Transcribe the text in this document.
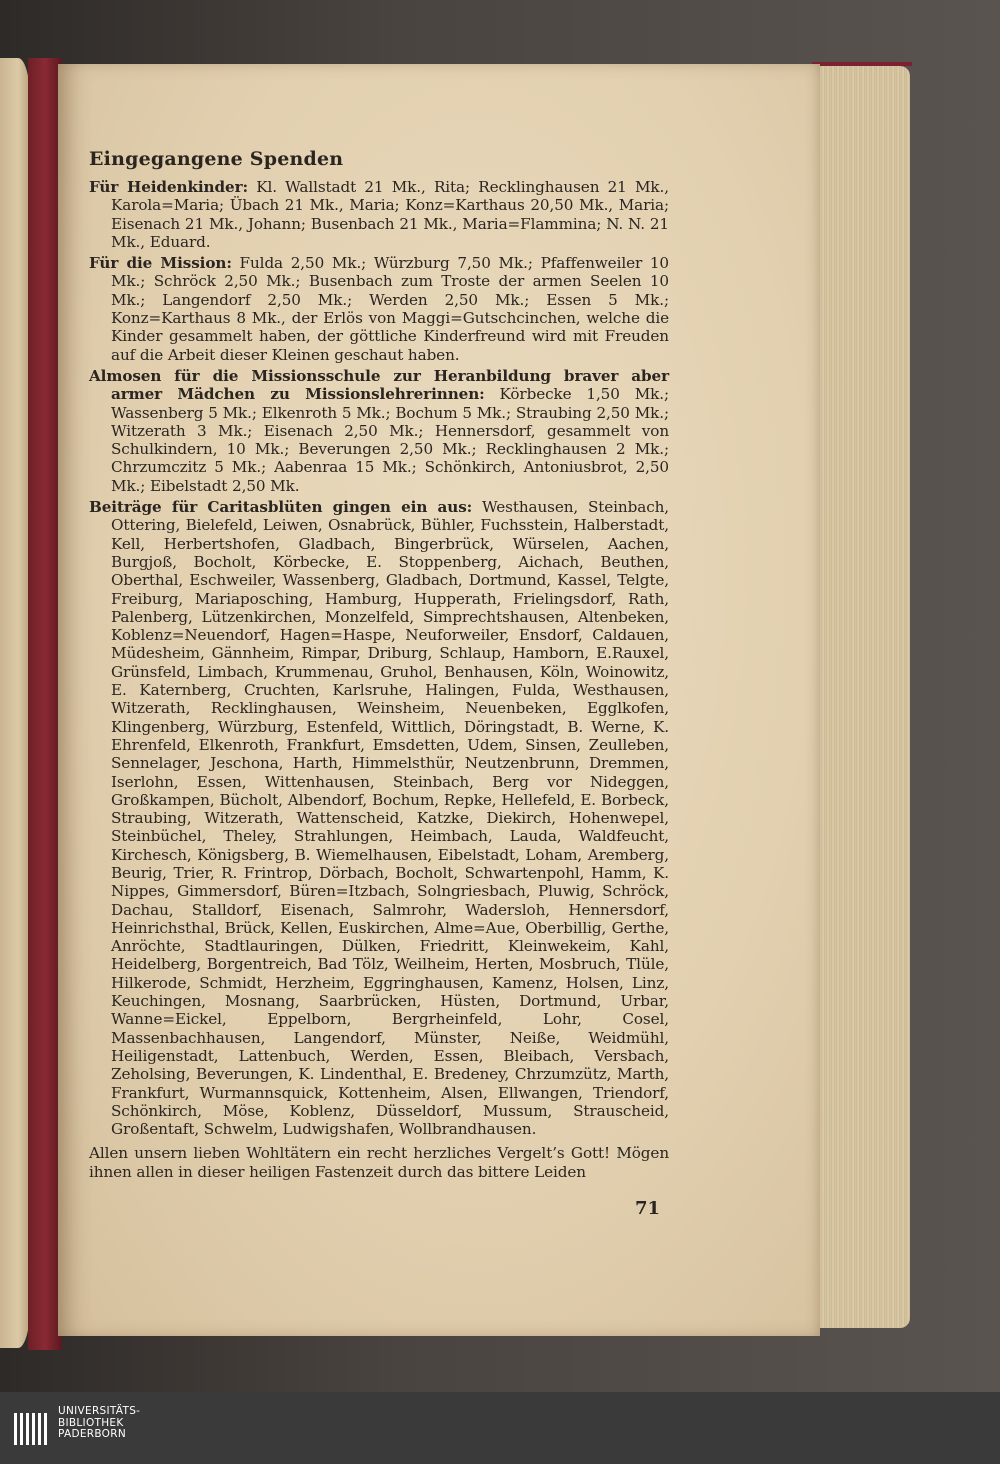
Eingegangene Spenden

Für Heidenkinder: Kl. Wallstadt 21 Mk., Rita; Recklinghausen 21 Mk., Karola=Maria; Übach 21 Mk., Maria; Konz=Karthaus 20,50 Mk., Maria; Eisenach 21 Mk., Johann; Busenbach 21 Mk., Maria=Flammina; N. N. 21 Mk., Eduard.

Für die Mission: Fulda 2,50 Mk.; Würzburg 7,50 Mk.; Pfaffenweiler 10 Mk.; Schröck 2,50 Mk.; Busenbach zum Troste der armen Seelen 10 Mk.; Langendorf 2,50 Mk.; Werden 2,50 Mk.; Essen 5 Mk.; Konz=Karthaus 8 Mk., der Erlös von Maggi=Gutschcinchen, welche die Kinder gesammelt haben, der göttliche Kinderfreund wird mit Freuden auf die Arbeit dieser Kleinen geschaut haben.

Almosen für die Missionsschule zur Heranbildung braver aber armer Mädchen zu Missionslehrerinnen: Körbecke 1,50 Mk.; Wassenberg 5 Mk.; Elkenroth 5 Mk.; Bochum 5 Mk.; Straubing 2,50 Mk.; Witzerath 3 Mk.; Eisenach 2,50 Mk.; Hennersdorf, gesammelt von Schulkindern, 10 Mk.; Beverungen 2,50 Mk.; Recklinghausen 2 Mk.; Chrzumczitz 5 Mk.; Aabenraa 15 Mk.; Schönkirch, Antoniusbrot, 2,50 Mk.; Eibelstadt 2,50 Mk.

Beiträge für Caritasblüten gingen ein aus: Westhausen, Steinbach, Ottering, Bielefeld, Leiwen, Osnabrück, Bühler, Fuchsstein, Halberstadt, Kell, Herbertshofen, Gladbach, Bingerbrück, Würselen, Aachen, Burgjoß, Bocholt, Körbecke, E. Stoppenberg, Aichach, Beuthen, Oberthal, Eschweiler, Wassenberg, Gladbach, Dortmund, Kassel, Telgte, Freiburg, Mariaposching, Hamburg, Hupperath, Frielingsdorf, Rath, Palenberg, Lützenkirchen, Monzelfeld, Simprechtshausen, Altenbeken, Koblenz=Neuendorf, Hagen=Haspe, Neuforweiler, Ensdorf, Caldauen, Müdesheim, Gännheim, Rimpar, Driburg, Schlaup, Hamborn, E.Rauxel, Grünsfeld, Limbach, Krummenau, Gruhol, Benhausen, Köln, Woinowitz, E. Katernberg, Cruchten, Karlsruhe, Halingen, Fulda, Westhausen, Witzerath, Recklinghausen, Weinsheim, Neuenbeken, Egglkofen, Klingenberg, Würzburg, Estenfeld, Wittlich, Döringstadt, B. Werne, K. Ehrenfeld, Elkenroth, Frankfurt, Emsdetten, Udem, Sinsen, Zeulleben, Sennelager, Jeschona, Harth, Himmelsthür, Neutzenbrunn, Dremmen, Iserlohn, Essen, Wittenhausen, Steinbach, Berg vor Nideggen, Großkampen, Bücholt, Albendorf, Bochum, Repke, Hellefeld, E. Borbeck, Straubing, Witzerath, Wattenscheid, Katzke, Diekirch, Hohenwepel, Steinbüchel, Theley, Strahlungen, Heimbach, Lauda, Waldfeucht, Kirchesch, Königsberg, B. Wiemelhausen, Eibelstadt, Loham, Aremberg, Beurig, Trier, R. Frintrop, Dörbach, Bocholt, Schwartenpohl, Hamm, K. Nippes, Gimmersdorf, Büren=Itzbach, Solngriesbach, Pluwig, Schröck, Dachau, Stalldorf, Eisenach, Salmrohr, Wadersloh, Hennersdorf, Heinrichsthal, Brück, Kellen, Euskirchen, Alme=Aue, Oberbillig, Gerthe, Anröchte, Stadtlauringen, Dülken, Friedritt, Kleinwekeim, Kahl, Heidelberg, Borgentreich, Bad Tölz, Weilheim, Herten, Mosbruch, Tlüle, Hilkerode, Schmidt, Herzheim, Eggringhausen, Kamenz, Holsen, Linz, Keuchingen, Mosnang, Saarbrücken, Hüsten, Dortmund, Urbar, Wanne=Eickel, Eppelborn, Bergrheinfeld, Lohr, Cosel, Massenbachhausen, Langendorf, Münster, Neiße, Weidmühl, Heiligenstadt, Lattenbuch, Werden, Essen, Bleibach, Versbach, Zeholsing, Beverungen, K. Lindenthal, E. Bredeney, Chrzumzütz, Marth, Frankfurt, Wurmannsquick, Kottenheim, Alsen, Ellwangen, Triendorf, Schönkirch, Möse, Koblenz, Düsseldorf, Mussum, Strauscheid, Großentaft, Schwelm, Ludwigshafen, Wollbrandhausen.

Allen unsern lieben Wohltätern ein recht herzliches Vergelt’s Gott! Mögen ihnen allen in dieser heiligen Fastenzeit durch das bittere Leiden

71
UNIVERSITÄTS-
BIBLIOTHEK
PADERBORN
